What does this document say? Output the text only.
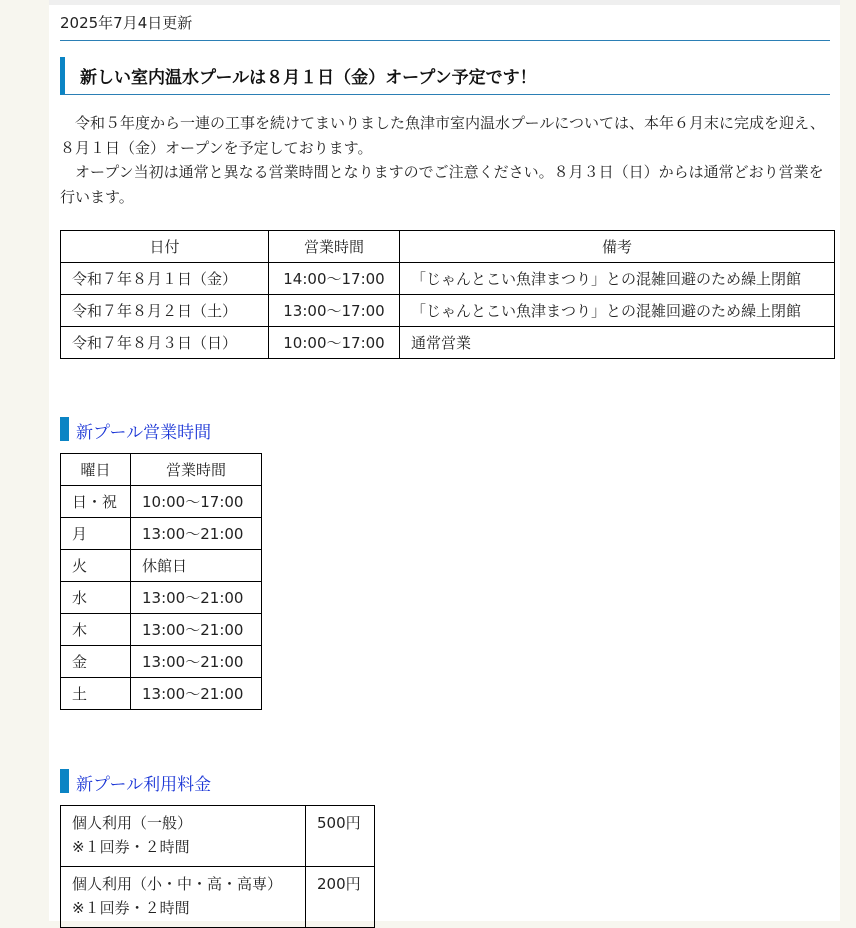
2025年7月4日更新
新しい室内温水プールは８月１日（金）オープン予定です！

　令和５年度から一連の工事を続けてまいりました魚津市室内温水プールについては、本年６月末に完成を迎え、８月１日（金）オープンを予定しております。

　オープン当初は通常と異なる営業時間となりますのでご注意ください。８月３日（日）からは通常どおり営業を行います。

日付	営業時間	備考
令和７年８月１日（金）	14:00～17:00	「じゃんとこい魚津まつり」との混雑回避のため繰上閉館
令和７年８月２日（土）	13:00～17:00	「じゃんとこい魚津まつり」との混雑回避のため繰上閉館
令和７年８月３日（日）	10:00～17:00	通常営業
新プール営業時間
曜日	営業時間
日・祝	10:00～17:00
月	13:00～21:00
火	休館日
水	13:00～21:00
木	13:00～21:00
金	13:00～21:00
土	13:00～21:00
新プール利用料金
個人利用（一般）
※１回券・２時間	500円

個人利用（小・中・高・高専）
※１回券・２時間	200円
